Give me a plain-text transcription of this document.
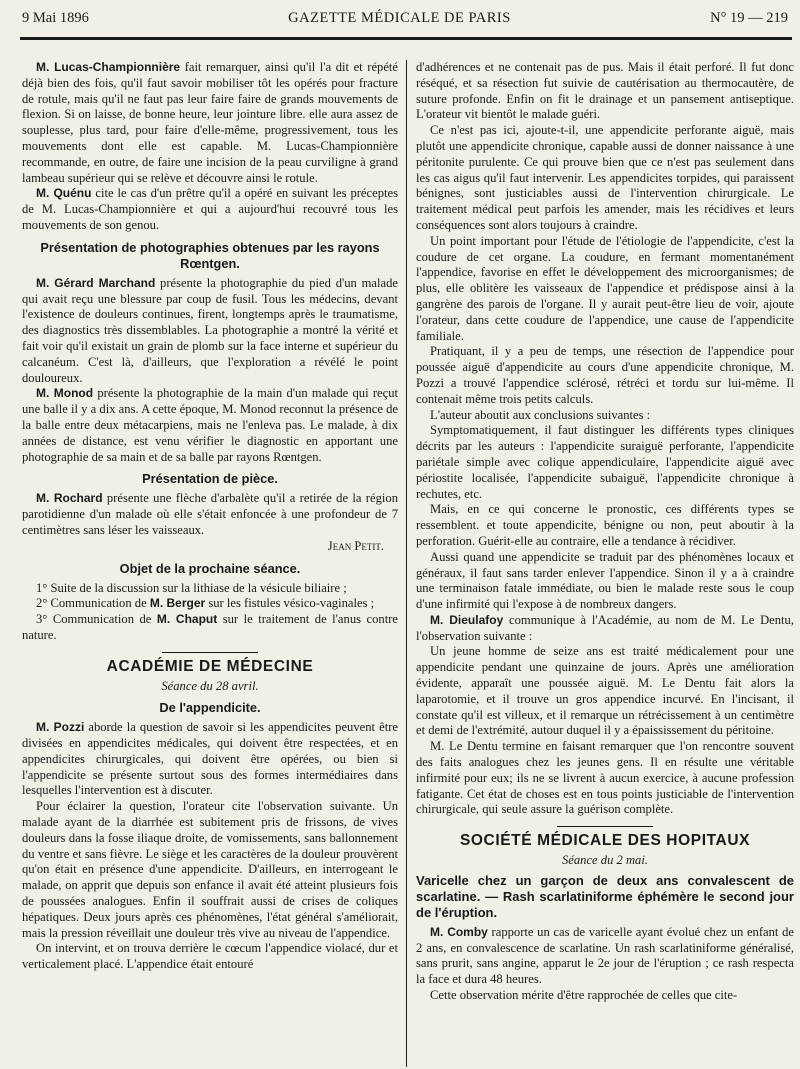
9 Mai 1896	GAZETTE MÉDICALE DE PARIS	N° 19 — 219

M. Lucas-Championnière fait remarquer, ainsi qu'il l'a dit et répété déjà bien des fois, qu'il faut savoir mobiliser tôt les opérés pour fracture de rotule, mais qu'il ne faut pas leur faire faire de grands mouvements de flexion. Si on laisse, de bonne heure, leur jointure libre. elle aura assez de souplesse, plus tard, pour faire d'elle-même, progressivement, tous les mouvements dont elle est capable. M. Lucas-Championnière recommande, en outre, de faire une incision de la peau curviligne à grand lambeau supérieur qui se relève et découvre ainsi le rotule.

M. Quénu cite le cas d'un prêtre qu'il a opéré en suivant les préceptes de M. Lucas-Championnière et qui a aujourd'hui recouvré tous les mouvements de son genou.

Présentation de photographies obtenues par les rayons Rœntgen.

M. Gérard Marchand présente la photographie du pied d'un malade qui avait reçu une blessure par coup de fusil. Tous les médecins, devant l'existence de douleurs continues, firent, longtemps après le traumatisme, des diagnostics très dissemblables. La photographie a montré la vérité et fait voir qu'il existait un grain de plomb sur la face interne et supérieur du calcanéum. C'est là, d'ailleurs, que l'exploration a révélé le point douloureux.

M. Monod présente la photographie de la main d'un malade qui reçut une balle il y a dix ans. A cette époque, M. Monod reconnut la présence de la balle entre deux métacarpiens, mais ne l'enleva pas. Le malade, à dix années de distance, est venu vérifier le diagnostic en apportant une photographie de sa main et de sa balle par rayons Rœntgen.

Présentation de pièce.

M. Rochard présente une flèche d'arbalète qu'il a retirée de la région parotidienne d'un malade où elle s'était enfoncée à une profondeur de 7 centimètres sans léser les vaisseaux.

Jean Petit.
Objet de la prochaine séance.

1° Suite de la discussion sur la lithiase de la vésicule biliaire ;

2° Communication de M. Berger sur les fistules vésico-vaginales ;

3° Communication de M. Chaput sur le traitement de l'anus contre nature.

ACADÉMIE DE MÉDECINE
Séance du 28 avril.
De l'appendicite.

M. Pozzi aborde la question de savoir si les appendicites peuvent être divisées en appendicites médicales, qui doivent être respectées, et en appendicites chirurgicales, qui doivent être opérées, ou bien si l'appendicite se présente surtout sous des formes intermédiaires dans lesquelles l'intervention est à discuter.

Pour éclairer la question, l'orateur cite l'observation suivante. Un malade ayant de la diarrhée est subitement pris de frissons, de vives douleurs dans la fosse iliaque droite, de vomissements, sans ballonnement du ventre et sans fièvre. Le siège et les caractères de la douleur prouvèrent qu'on était en présence d'une appendicite. D'ailleurs, en interrogeant le malade, on apprit que depuis son enfance il avait été atteint plusieurs fois de poussées analogues. Enfin il souffrait aussi de crises de coliques hépatiques. Deux jours après ces phénomènes, l'état général s'améliorait, mais la pression réveillait une douleur très vive au niveau de l'appendice.

On intervint, et on trouva derrière le cœcum l'appendice violacé, dur et verticalement placé. L'appendice était entouré

d'adhérences et ne contenait pas de pus. Mais il était perforé. Il fut donc réséqué, et sa résection fut suivie de cautérisation au thermocautère, de suture profonde. Enfin on fit le drainage et un pansement antiseptique. L'orateur vit bientôt le malade guéri.

Ce n'est pas ici, ajoute-t-il, une appendicite perforante aiguë, mais plutôt une appendicite chronique, capable aussi de donner naissance à une péritonite purulente. Ce qui prouve bien que ce n'est pas seulement dans les cas aigus qu'il faut intervenir. Les appendicites torpides, qui paraissent bénignes, sont justiciables aussi de l'intervention chirurgicale. Le traitement médical peut parfois les amender, mais les récidives et leurs conséquences sont alors toujours à craindre.

Un point important pour l'étude de l'étiologie de l'appendicite, c'est la coudure de cet organe. La coudure, en fermant momentanément l'appendice, favorise en effet le développement des microorganismes; de plus, elle oblitère les vaisseaux de l'appendice et prédispose ainsi à la gangrène des parois de l'organe. Il y aurait peut-être lieu de voir, ajoute l'orateur, dans cette coudure de l'appendice, une cause de l'appendicite familiale.

Pratiquant, il y a peu de temps, une résection de l'appendice pour poussée aiguë d'appendicite au cours d'une appendicite chronique, M. Pozzi a trouvé l'appendice sclérosé, rétréci et tordu sur lui-même. Il contenait même trois petits calculs.

L'auteur aboutit aux conclusions suivantes :

Symptomatiquement, il faut distinguer les différents types cliniques décrits par les auteurs : l'appendicite suraiguë perforante, l'appendicite pariétale simple avec colique appendiculaire, l'appendicite aiguë avec périostite localisée, l'appendicite subaiguë, l'appendicite chronique à rechutes, etc.

Mais, en ce qui concerne le pronostic, ces différents types se ressemblent. et toute appendicite, bénigne ou non, peut aboutir à la perforation. Guérit-elle au contraire, elle a tendance à récidiver.

Aussi quand une appendicite se traduit par des phénomènes locaux et généraux, il faut sans tarder enlever l'appendice. Sinon il y a à craindre une terminaison fatale immédiate, ou bien le malade reste sous le coup d'une infirmité qui l'expose à de nombreux dangers.

M. Dieulafoy communique à l'Académie, au nom de M. Le Dentu, l'observation suivante :

Un jeune homme de seize ans est traité médicalement pour une appendicite pendant une quinzaine de jours. Après une amélioration évidente, apparaît une poussée aiguë. M. Le Dentu fait alors la laparotomie, et il trouve un gros appendice incurvé. En l'incisant, il constate qu'il est villeux, et il remarque un rétrécissement à un centimètre et demi de l'extrémité, autour duquel il y a épaississement du péritoine.

M. Le Dentu termine en faisant remarquer que l'on rencontre souvent des faits analogues chez les jeunes gens. Il en résulte une véritable infirmité pour eux; ils ne se livrent à aucun exercice, à aucune profession fatigante. Cet état de choses est en tous points justiciable de l'intervention chirurgicale, qui seule assure la guérison complète.

SOCIÉTÉ MÉDICALE DES HOPITAUX
Séance du 2 mai.
Varicelle chez un garçon de deux ans convalescent de scarlatine. — Rash scarlatiniforme éphémère le second jour de l'éruption.

M. Comby rapporte un cas de varicelle ayant évolué chez un enfant de 2 ans, en convalescence de scarlatine. Un rash scarlatiniforme généralisé, sans prurit, sans angine, apparut le 2e jour de l'éruption ; ce rash respecta la face et dura 48 heures.

Cette observation mérite d'être rapprochée de celles que cite-
